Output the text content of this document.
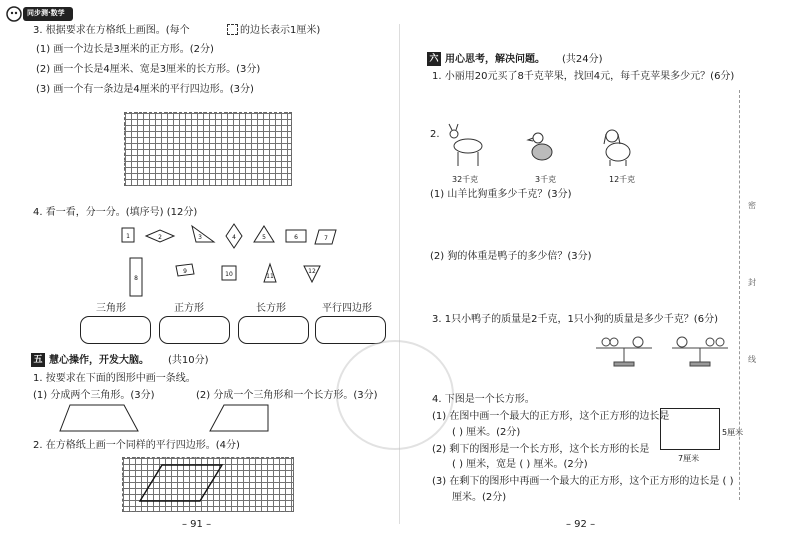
同步测·数学
3. 根据要求在方格纸上画图。(每个	的边长表示1厘米)
(1) 画一个边长是3厘米的正方形。(2分)
(2) 画一个长是4厘米、宽是3厘米的长方形。(3分)
(3) 画一个有一条边是4厘米的平行四边形。(3分)
4. 看一看，分一分。(填序号) (12分)
1	2	3	4	5	6	7
8
9	10	11
12
三角形	正方形	长方形	平行四边形
五 慧心操作，开发大脑。 (共10分)
1. 按要求在下面的图形中画一条线。
(1) 分成两个三角形。(3分)	(2) 分成一个三角形和一个长方形。(3分)
2. 在方格纸上画一个同样的平行四边形。(4分)
– 91 –
六 用心思考，解决问题。 (共24分)
1. 小丽用20元买了8千克苹果，找回4元，每千克苹果多少元？(6分)
2.
32千克	3千克	12千克
(1) 山羊比狗重多少千克？(3分)
(2) 狗的体重是鸭子的多少倍？(3分)
3. 1只小鸭子的质量是2千克，1只小狗的质量是多少千克？(6分)
4. 下图是一个长方形。
(1) 在图中画一个最大的正方形，这个正方形的边长是
( ) 厘米。(2分)
(2) 剩下的图形是一个长方形，这个长方形的长是
( ) 厘米，宽是 ( ) 厘米。(2分)
(3) 在剩下的图形中再画一个最大的正方形，这个正方形的边长是 ( )
厘米。(2分)
5厘米
7厘米
密
封
线
– 92 –
